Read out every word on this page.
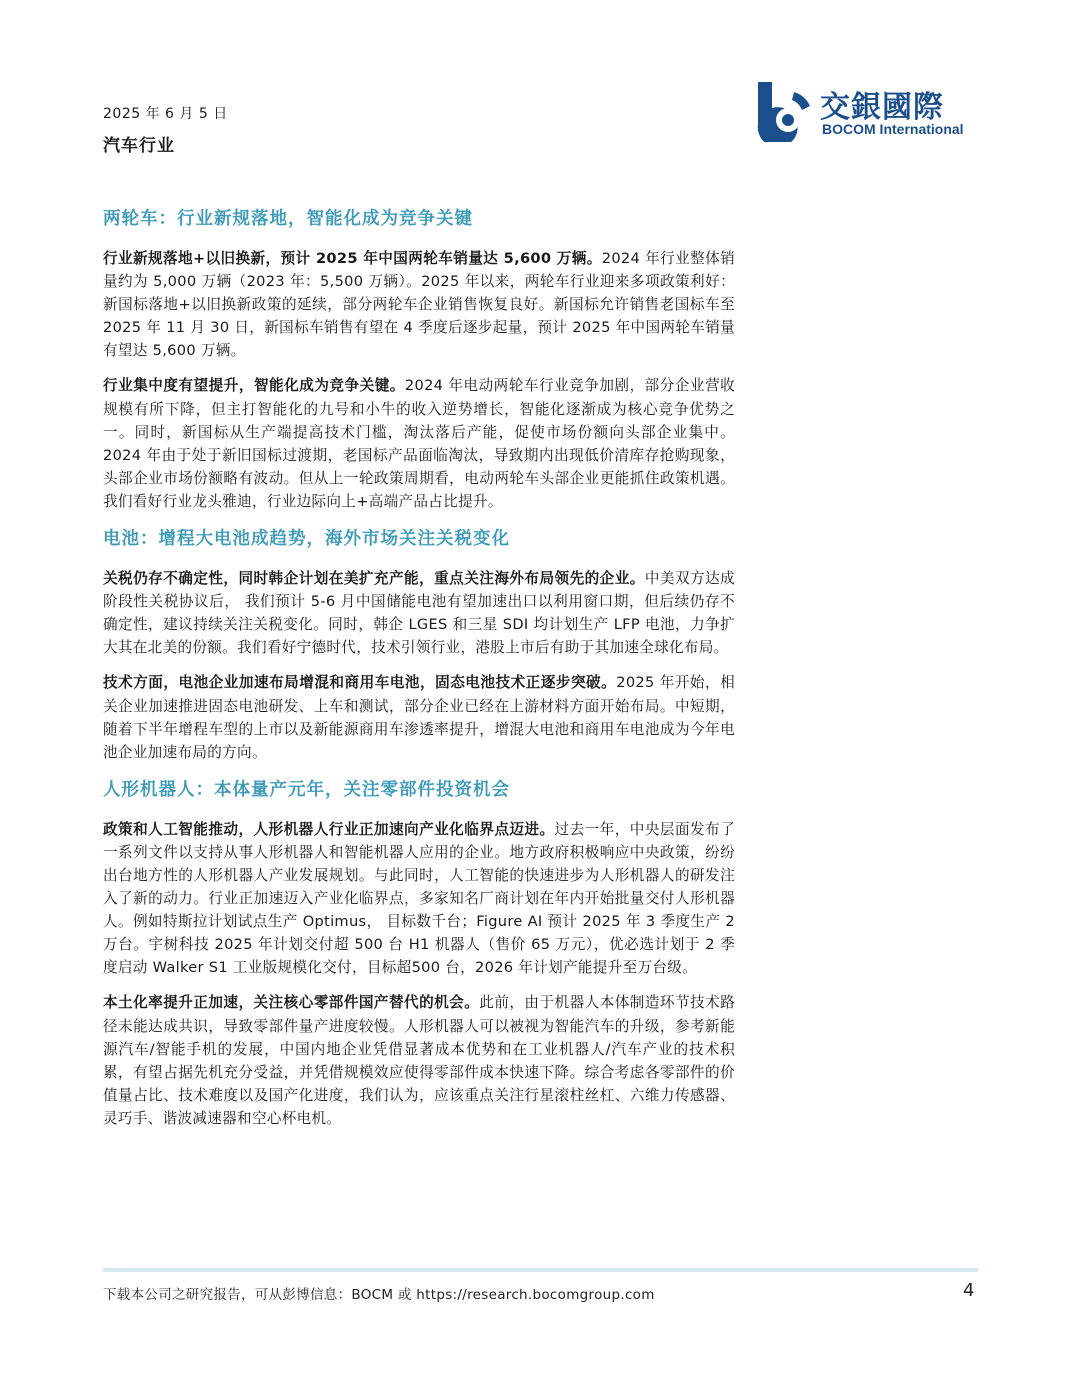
2025 年 6 月 5 日
汽车行业
交銀國際
BOCOM International
两轮车：行业新规落地，智能化成为竞争关键

行业新规落地+以旧换新，预计 2025 年中国两轮车销量达 5,600 万辆。2024 年行业整体销量约为 5,000 万辆（2023 年：5,500 万辆）。2025 年以来，两轮车行业迎来多项政策利好：新国标落地+以旧换新政策的延续，部分两轮车企业销售恢复良好。新国标允许销售老国标车至 2025 年 11 月 30 日，新国标车销售有望在 4 季度后逐步起量，预计 2025 年中国两轮车销量有望达 5,600 万辆。

行业集中度有望提升，智能化成为竞争关键。2024 年电动两轮车行业竞争加剧，部分企业营收规模有所下降，但主打智能化的九号和小牛的收入逆势增长，智能化逐渐成为核心竞争优势之一。同时，新国标从生产端提高技术门槛，淘汰落后产能，促使市场份额向头部企业集中。2024 年由于处于新旧国标过渡期，老国标产品面临淘汰，导致期内出现低价清库存抢购现象，头部企业市场份额略有波动。但从上一轮政策周期看，电动两轮车头部企业更能抓住政策机遇。我们看好行业龙头雅迪，行业边际向上+高端产品占比提升。

电池：增程大电池成趋势，海外市场关注关税变化

关税仍存不确定性，同时韩企计划在美扩充产能，重点关注海外布局领先的企业。中美双方达成阶段性关税协议后， 我们预计 5-6 月中国储能电池有望加速出口以利用窗口期，但后续仍存不确定性，建议持续关注关税变化。同时，韩企 LGES 和三星 SDI 均计划生产 LFP 电池，力争扩大其在北美的份额。我们看好宁德时代，技术引领行业，港股上市后有助于其加速全球化布局。

技术方面，电池企业加速布局增混和商用车电池，固态电池技术正逐步突破。2025 年开始，相关企业加速推进固态电池研发、上车和测试，部分企业已经在上游材料方面开始布局。中短期，随着下半年增程车型的上市以及新能源商用车渗透率提升，增混大电池和商用车电池成为今年电池企业加速布局的方向。

人形机器人：本体量产元年，关注零部件投资机会

政策和人工智能推动，人形机器人行业正加速向产业化临界点迈进。过去一年，中央层面发布了一系列文件以支持从事人形机器人和智能机器人应用的企业。地方政府积极响应中央政策，纷纷出台地方性的人形机器人产业发展规划。与此同时，人工智能的快速进步为人形机器人的研发注入了新的动力。行业正加速迈入产业化临界点，多家知名厂商计划在年内开始批量交付人形机器人。例如特斯拉计划试点生产 Optimus， 目标数千台；Figure AI 预计 2025 年 3 季度生产 2 万台。宇树科技 2025 年计划交付超 500 台 H1 机器人（售价 65 万元），优必选计划于 2 季度启动 Walker S1 工业版规模化交付，目标超500 台，2026 年计划产能提升至万台级。

本土化率提升正加速，关注核心零部件国产替代的机会。此前，由于机器人本体制造环节技术路径未能达成共识，导致零部件量产进度较慢。人形机器人可以被视为智能汽车的升级，参考新能源汽车/智能手机的发展，中国内地企业凭借显著成本优势和在工业机器人/汽车产业的技术积累，有望占据先机充分受益，并凭借规模效应使得零部件成本快速下降。综合考虑各零部件的价值量占比、技术难度以及国产化进度，我们认为，应该重点关注行星滚柱丝杠、六维力传感器、灵巧手、谐波减速器和空心杯电机。

下载本公司之研究报告，可从彭博信息：BOCM 或 https://research.bocomgroup.com	4
